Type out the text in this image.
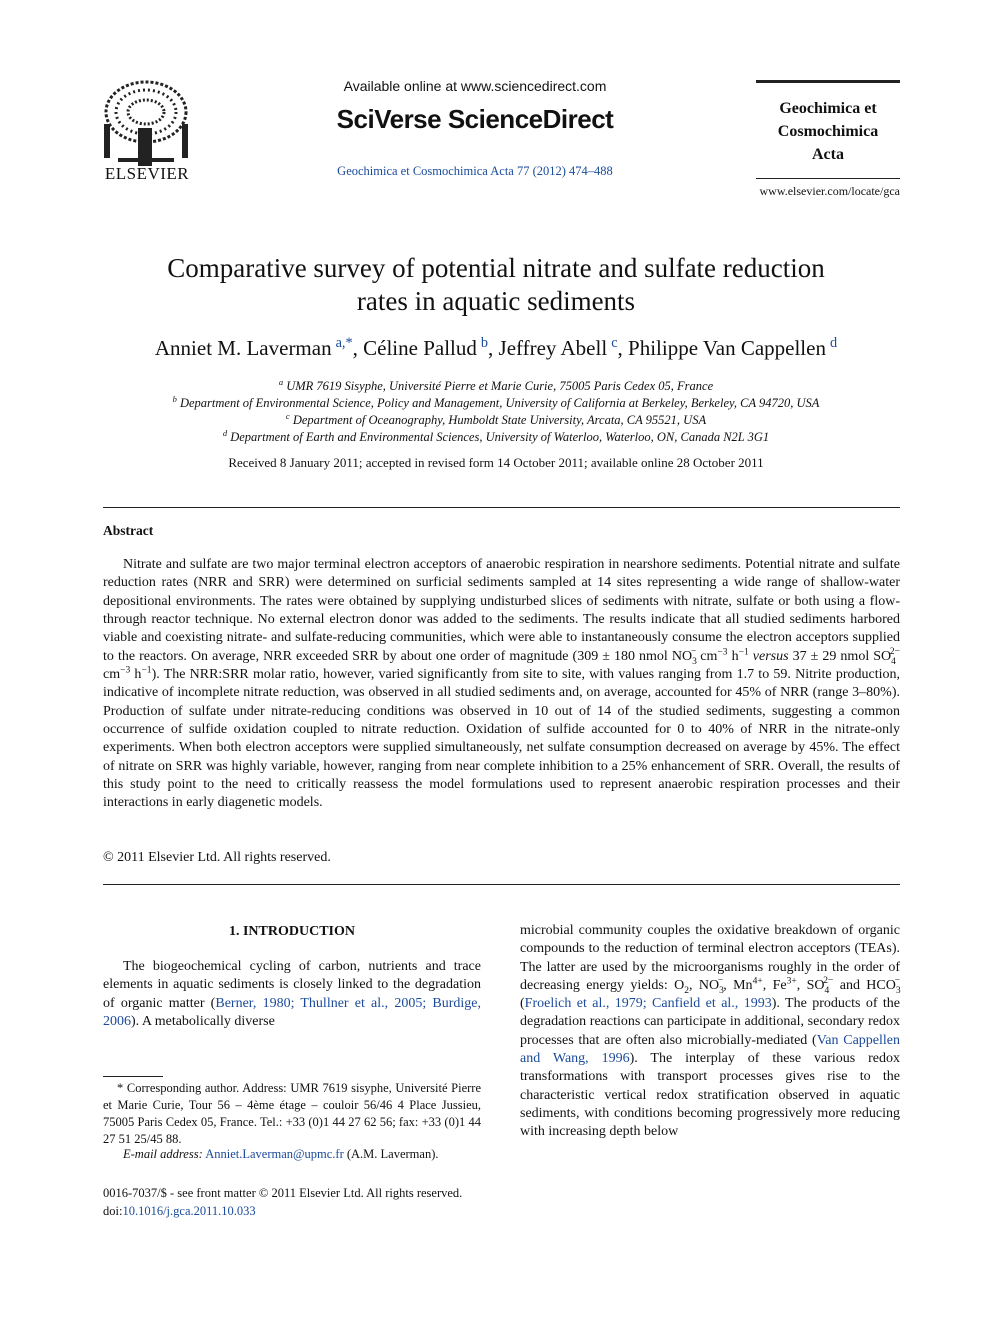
ELSEVIER
Available online at www.sciencedirect.com
SciVerse ScienceDirect
Geochimica et Cosmochimica Acta 77 (2012) 474–488
Geochimica et
Cosmochimica
Acta
www.elsevier.com/locate/gca
Comparative survey of potential nitrate and sulfate reduction
rates in aquatic sediments
Anniet M. Laverman $^{a,*}$, Céline Pallud $^b$, Jeffrey Abell $^c$, Philippe Van Cappellen $^d$
$^a$ UMR 7619 Sisyphe, Université Pierre et Marie Curie, 75005 Paris Cedex 05, France
$^b$ Department of Environmental Science, Policy and Management, University of California at Berkeley, Berkeley, CA 94720, USA
$^c$ Department of Oceanography, Humboldt State University, Arcata, CA 95521, USA
$^d$ Department of Earth and Environmental Sciences, University of Waterloo, Waterloo, ON, Canada N2L 3G1
Received 8 January 2011; accepted in revised form 14 October 2011; available online 28 October 2011
Abstract
Nitrate and sulfate are two major terminal electron acceptors of anaerobic respiration in nearshore sediments. Potential nitrate and sulfate reduction rates (NRR and SRR) were determined on surficial sediments sampled at 14 sites representing a wide range of shallow-water depositional environments. The rates were obtained by supplying undisturbed slices of sediments with nitrate, sulfate or both using a flow-through reactor technique. No external electron donor was added to the sediments. The results indicate that all studied sediments harbored viable and coexisting nitrate- and sulfate-reducing communities, which were able to instantaneously consume the electron acceptors supplied to the reactors. On average, NRR exceeded SRR by about one order of magnitude (309 ± 180 nmol $NO_3^-$ $cm^{-3}$ $h^{-1}$ versus 37 ± 29 nmol $SO_4^{2-}$ $cm^{-3}$ $h^{-1}$). The NRR:SRR molar ratio, however, varied significantly from site to site, with values ranging from 1.7 to 59. Nitrite production, indicative of incomplete nitrate reduction, was observed in all studied sediments and, on average, accounted for 45% of NRR (range 3–80%). Production of sulfate under nitrate-reducing conditions was observed in 10 out of 14 of the studied sediments, suggesting a common occurrence of sulfide oxidation coupled to nitrate reduction. Oxidation of sulfide accounted for 0 to 40% of NRR in the nitrate-only experiments. When both electron acceptors were supplied simultaneously, net sulfate consumption decreased on average by 45%. The effect of nitrate on SRR was highly variable, however, ranging from near complete inhibition to a 25% enhancement of SRR. Overall, the results of this study point to the need to critically reassess the model formulations used to represent anaerobic respiration processes and their interactions in early diagenetic models.
© 2011 Elsevier Ltd. All rights reserved.
1. INTRODUCTION
The biogeochemical cycling of carbon, nutrients and trace elements in aquatic sediments is closely linked to the degradation of organic matter (Berner, 1980; Thullner et al., 2005; Burdige, 2006). A metabolically diverse
* Corresponding author. Address: UMR 7619 sisyphe, Université Pierre et Marie Curie, Tour 56 – 4ème étage – couloir 56/46 4 Place Jussieu, 75005 Paris Cedex 05, France. Tel.: +33 (0)1 44 27 62 56; fax: +33 (0)1 44 27 51 25/45 88.
E-mail address: Anniet.Laverman@upmc.fr (A.M. Laverman).
0016-7037/$ - see front matter © 2011 Elsevier Ltd. All rights reserved.
doi:10.1016/j.gca.2011.10.033
microbial community couples the oxidative breakdown of organic compounds to the reduction of terminal electron acceptors (TEAs). The latter are used by the microorganisms roughly in the order of decreasing energy yields: $O_2$, $NO_3^-$, $Mn^{4+}$, $Fe^{3+}$, $SO_4^{2-}$ and $HCO_3^-$ (Froelich et al., 1979; Canfield et al., 1993). The products of the degradation reactions can participate in additional, secondary redox processes that are often also microbially-mediated (Van Cappellen and Wang, 1996). The interplay of these various redox transformations with transport processes gives rise to the characteristic vertical redox stratification observed in aquatic sediments, with conditions becoming progressively more reducing with increasing depth below
